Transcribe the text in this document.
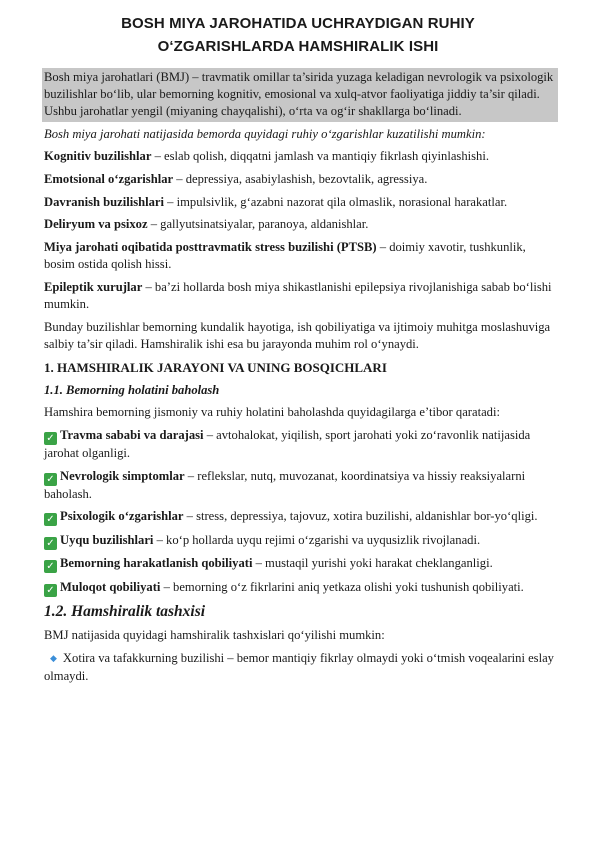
BOSH MIYA JAROHATIDA UCHRAYDIGAN RUHIY
O‘ZGARISHLARDA HAMSHIRALIK ISHI

Bosh miya jarohatlari (BMJ) – travmatik omillar ta’sirida yuzaga keladigan nevrologik va psixologik buzilishlar bo‘lib, ular bemorning kognitiv, emosional va xulq-atvor faoliyatiga jiddiy ta’sir qiladi. Ushbu jarohatlar yengil (miyaning chayqalishi), o‘rta va og‘ir shakllarga bo‘linadi.

Bosh miya jarohati natijasida bemorda quyidagi ruhiy o‘zgarishlar kuzatilishi mumkin:

Kognitiv buzilishlar – eslab qolish, diqqatni jamlash va mantiqiy fikrlash qiyinlashishi.

Emotsional o‘zgarishlar – depressiya, asabiylashish, bezovtalik, agressiya.

Davranish buzilishlari – impulsivlik, g‘azabni nazorat qila olmaslik, norasional harakatlar.

Deliryum va psixoz – gallyutsinatsiyalar, paranoya, aldanishlar.

Miya jarohati oqibatida posttravmatik stress buzilishi (PTSB) – doimiy xavotir, tushkunlik, bosim ostida qolish hissi.

Epileptik xurujlar – ba’zi hollarda bosh miya shikastlanishi epilepsiya rivojlanishiga sabab bo‘lishi mumkin.

Bunday buzilishlar bemorning kundalik hayotiga, ish qobiliyatiga va ijtimoiy muhitga moslashuviga salbiy ta’sir qiladi. Hamshiralik ishi esa bu jarayonda muhim rol o‘ynaydi.

1. HAMSHIRALIK JARAYONI VA UNING BOSQICHLARI

1.1. Bemorning holatini baholash

Hamshira bemorning jismoniy va ruhiy holatini baholashda quyidagilarga e’tibor qaratadi:

✓ Travma sababi va darajasi – avtohalokat, yiqilish, sport jarohati yoki zo‘ravonlik natijasida jarohat olganligi.

✓ Nevrologik simptomlar – reflekslar, nutq, muvozanat, koordinatsiya va hissiy reaksiyalarni baholash.

✓ Psixologik o‘zgarishlar – stress, depressiya, tajovuz, xotira buzilishi, aldanishlar bor-yo‘qligi.

✓ Uyqu buzilishlari – ko‘p hollarda uyqu rejimi o‘zgarishi va uyqusizlik rivojlanadi.

✓ Bemorning harakatlanish qobiliyati – mustaqil yurishi yoki harakat cheklanganligi.

✓ Muloqot qobiliyati – bemorning o‘z fikrlarini aniq yetkaza olishi yoki tushunish qobiliyati.

1.2. Hamshiralik tashxisi

BMJ natijasida quyidagi hamshiralik tashxislari qo‘yilishi mumkin:

◆ Xotira va tafakkurning buzilishi – bemor mantiqiy fikrlay olmaydi yoki o‘tmish voqealarini eslay olmaydi.
